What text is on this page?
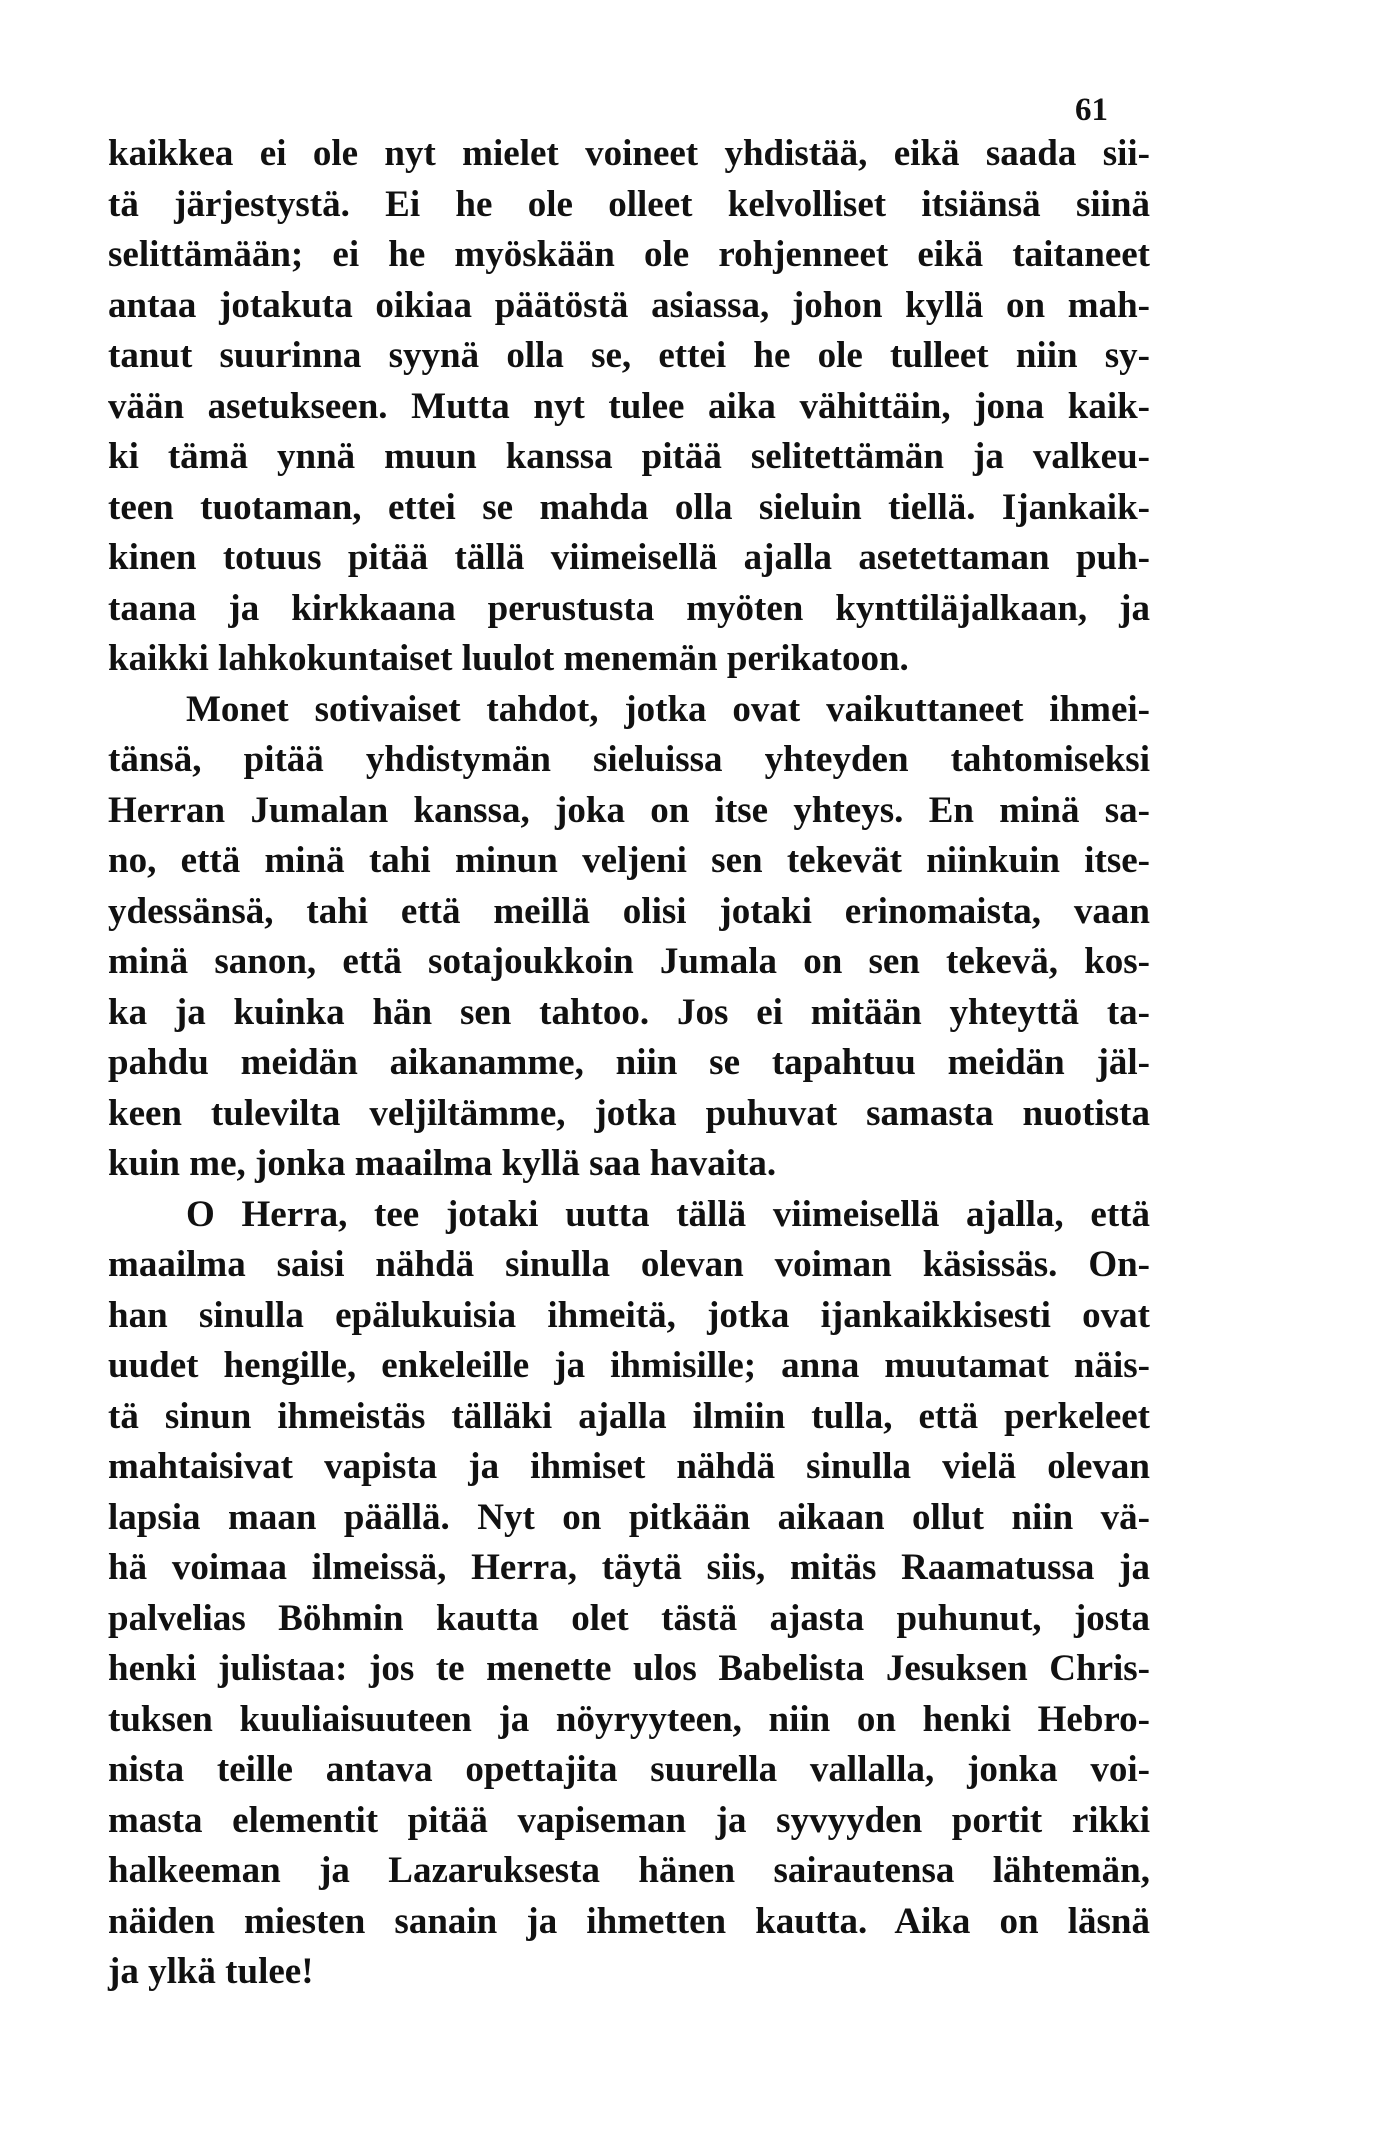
61
kaikkea ei ole nyt mielet voineet yhdistää, eikä saada sii-
tä järjestystä. Ei he ole olleet kelvolliset itsiänsä siinä
selittämään; ei he myöskään ole rohjenneet eikä taitaneet
antaa jotakuta oikiaa päätöstä asiassa, johon kyllä on mah-
tanut suurinna syynä olla se, ettei he ole tulleet niin sy-
vään asetukseen. Mutta nyt tulee aika vähittäin, jona kaik-
ki tämä ynnä muun kanssa pitää selitettämän ja valkeu-
teen tuotaman, ettei se mahda olla sieluin tiellä. Ijankaik-
kinen totuus pitää tällä viimeisellä ajalla asetettaman puh-
taana ja kirkkaana perustusta myöten kynttiläjalkaan, ja
kaikki lahkokuntaiset luulot menemän perikatoon.
Monet sotivaiset tahdot, jotka ovat vaikuttaneet ihmei-
tänsä, pitää yhdistymän sieluissa yhteyden tahtomiseksi
Herran Jumalan kanssa, joka on itse yhteys. En minä sa-
no, että minä tahi minun veljeni sen tekevät niinkuin itse-
ydessänsä, tahi että meillä olisi jotaki erinomaista, vaan
minä sanon, että sotajoukkoin Jumala on sen tekevä, kos-
ka ja kuinka hän sen tahtoo. Jos ei mitään yhteyttä ta-
pahdu meidän aikanamme, niin se tapahtuu meidän jäl-
keen tulevilta veljiltämme, jotka puhuvat samasta nuotista
kuin me, jonka maailma kyllä saa havaita.
O Herra, tee jotaki uutta tällä viimeisellä ajalla, että
maailma saisi nähdä sinulla olevan voiman käsissäs. On-
han sinulla epälukuisia ihmeitä, jotka ijankaikkisesti ovat
uudet hengille, enkeleille ja ihmisille; anna muutamat näis-
tä sinun ihmeistäs tälläki ajalla ilmiin tulla, että perkeleet
mahtaisivat vapista ja ihmiset nähdä sinulla vielä olevan
lapsia maan päällä. Nyt on pitkään aikaan ollut niin vä-
hä voimaa ilmeissä, Herra, täytä siis, mitäs Raamatussa ja
palvelias Böhmin kautta olet tästä ajasta puhunut, josta
henki julistaa: jos te menette ulos Babelista Jesuksen Chris-
tuksen kuuliaisuuteen ja nöyryyteen, niin on henki Hebro-
nista teille antava opettajita suurella vallalla, jonka voi-
masta elementit pitää vapiseman ja syvyyden portit rikki
halkeeman ja Lazaruksesta hänen sairautensa lähtemän,
näiden miesten sanain ja ihmetten kautta. Aika on läsnä
ja ylkä tulee!
